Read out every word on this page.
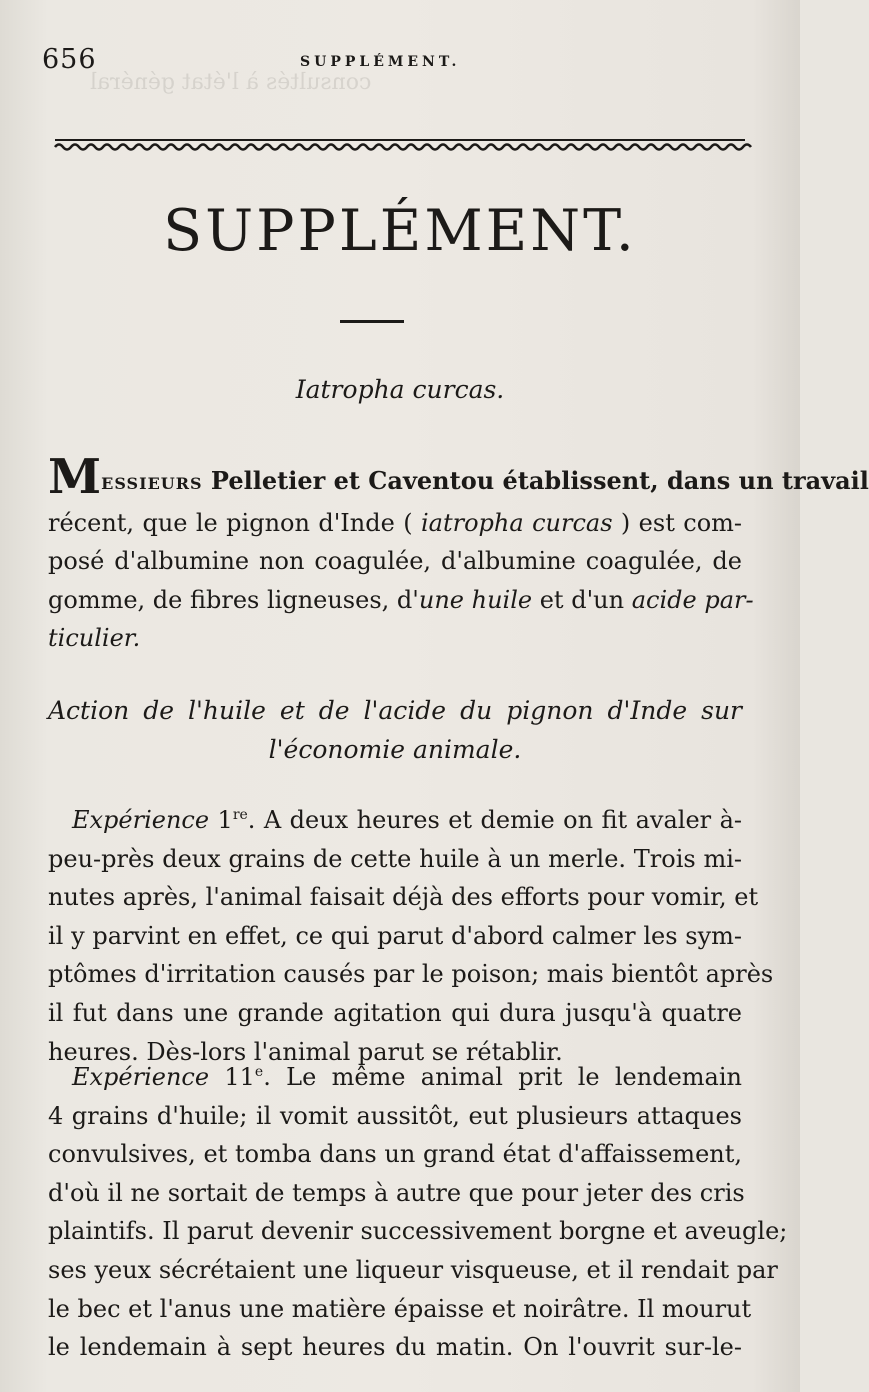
consultés à l'état général
656	SUPPLÉMENT.
SUPPLÉMENT.
Iatropha curcas.
MESSIEURS Pelletier et Caventou établissent, dans un travail
récent, que le pignon d'Inde ( iatropha curcas ) est com-
posé d'albumine non coagulée, d'albumine coagulée, de
gomme, de fibres ligneuses, d'une huile et d'un acide par-
ticulier.
Action de l'huile et de l'acide du pignon d'Inde sur
l'économie animale.
 Expérience 1re. A deux heures et demie on fit avaler à-
peu-près deux grains de cette huile à un merle. Trois mi-
nutes après, l'animal faisait déjà des efforts pour vomir, et
il y parvint en effet, ce qui parut d'abord calmer les sym-
ptômes d'irritation causés par le poison; mais bientôt après
il fut dans une grande agitation qui dura jusqu'à quatre
heures. Dès-lors l'animal parut se rétablir.
 Expérience 11e. Le même animal prit le lendemain
4 grains d'huile; il vomit aussitôt, eut plusieurs attaques
convulsives, et tomba dans un grand état d'affaissement,
d'où il ne sortait de temps à autre que pour jeter des cris
plaintifs. Il parut devenir successivement borgne et aveugle;
ses yeux sécrétaient une liqueur visqueuse, et il rendait par
le bec et l'anus une matière épaisse et noirâtre. Il mourut
le lendemain à sept heures du matin. On l'ouvrit sur-le-
